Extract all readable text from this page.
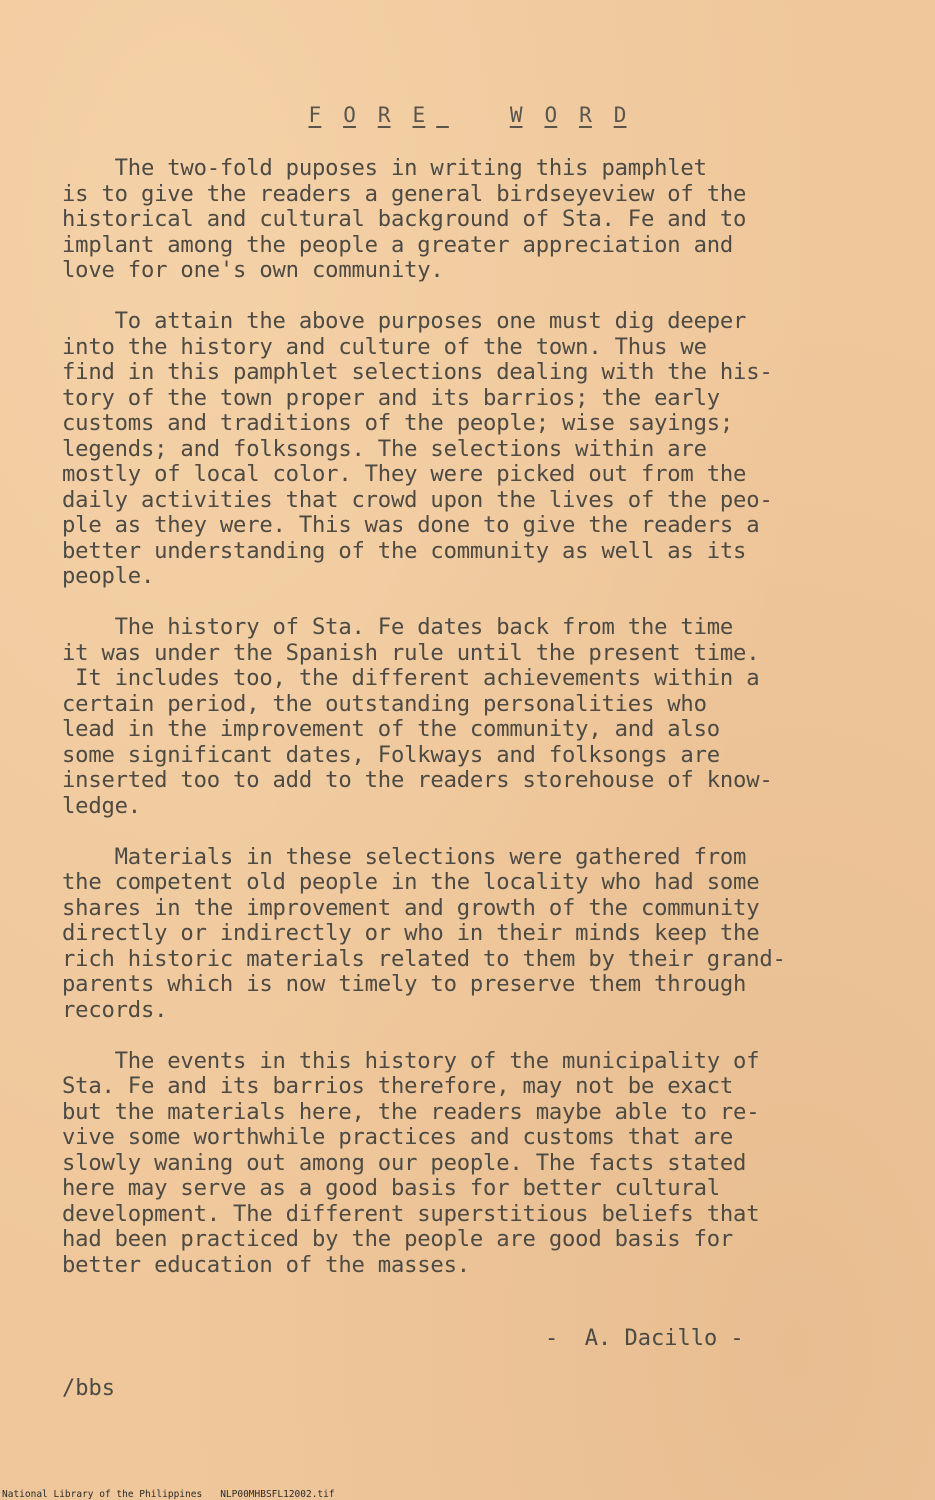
F O R E	W O R D
The two-fold puposes in writing this pamphlet
is to give the readers a general birdseyeview of the
historical and cultural background of Sta. Fe and to
implant among the people a greater appreciation and
love for one's own community.
To attain the above purposes one must dig deeper
into the history and culture of the town. Thus we
find in this pamphlet selections dealing with the his-
tory of the town proper and its barrios; the early
customs and traditions of the people; wise sayings;
legends; and folksongs. The selections within are
mostly of local color. They were picked out from the
daily activities that crowd upon the lives of the peo-
ple as they were. This was done to give the readers a
better understanding of the community as well as its
people.
The history of Sta. Fe dates back from the time
it was under the Spanish rule until the present time.
It includes too, the different achievements within a
certain period, the outstanding personalities who
lead in the improvement of the community, and also
some significant dates, Folkways and folksongs are
inserted too to add to the readers storehouse of know-
ledge.
Materials in these selections were gathered from
the competent old people in the locality who had some
shares in the improvement and growth of the community
directly or indirectly or who in their minds keep the
rich historic materials related to them by their grand-
parents which is now timely to preserve them through
records.
The events in this history of the municipality of
Sta. Fe and its barrios therefore, may not be exact
but the materials here, the readers maybe able to re-
vive some worthwhile practices and customs that are
slowly waning out among our people. The facts stated
here may serve as a good basis for better cultural
development. The different superstitious beliefs that
had been practiced by the people are good basis for
better education of the masses.
-  A. Dacillo -
/bbs
National Library of the Philippines NLP00MHBSFL12002.tif
